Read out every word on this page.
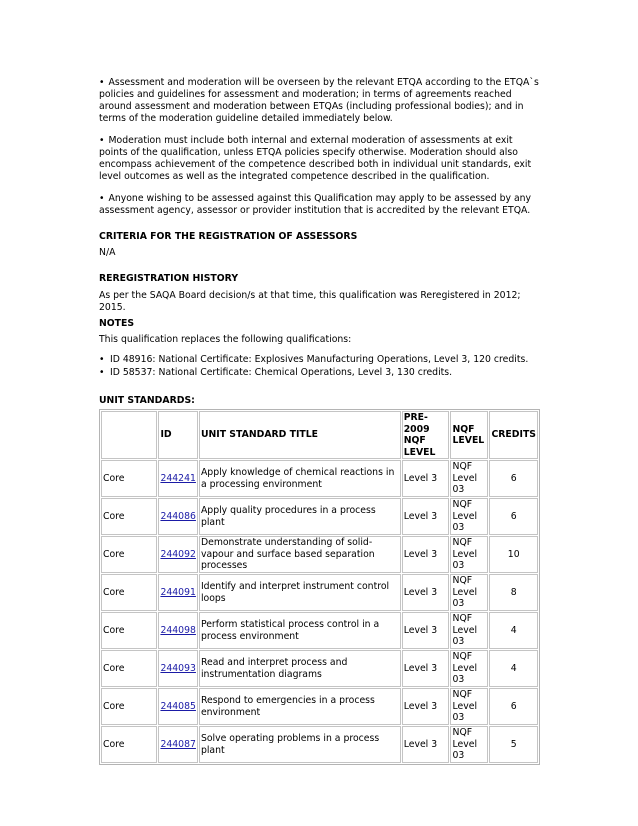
• Assessment and moderation will be overseen by the relevant ETQA according to the ETQA`s policies and guidelines for assessment and moderation; in terms of agreements reached around assessment and moderation between ETQAs (including professional bodies); and in terms of the moderation guideline detailed immediately below.

• Moderation must include both internal and external moderation of assessments at exit points of the qualification, unless ETQA policies specify otherwise. Moderation should also encompass achievement of the competence described both in individual unit standards, exit level outcomes as well as the integrated competence described in the qualification.

• Anyone wishing to be assessed against this Qualification may apply to be assessed by any assessment agency, assessor or provider institution that is accredited by the relevant ETQA.

CRITERIA FOR THE REGISTRATION OF ASSESSORS

N/A

REREGISTRATION HISTORY

As per the SAQA Board decision/s at that time, this qualification was Reregistered in 2012; 2015.

NOTES

This qualification replaces the following qualifications:

• ID 48916: National Certificate: Explosives Manufacturing Operations, Level 3, 120 credits.
• ID 58537: National Certificate: Chemical Operations, Level 3, 130 credits.
UNIT STANDARDS:
	ID	UNIT STANDARD TITLE	PRE-2009 NQF LEVEL	NQF LEVEL	CREDITS
Core	244241	Apply knowledge of chemical reactions in a processing environment	Level 3	NQF Level 03	6
Core	244086	Apply quality procedures in a process plant	Level 3	NQF Level 03	6
Core	244092	Demonstrate understanding of solid-vapour and surface based separation processes	Level 3	NQF Level 03	10
Core	244091	Identify and interpret instrument control loops	Level 3	NQF Level 03	8
Core	244098	Perform statistical process control in a process environment	Level 3	NQF Level 03	4
Core	244093	Read and interpret process and instrumentation diagrams	Level 3	NQF Level 03	4
Core	244085	Respond to emergencies in a process environment	Level 3	NQF Level 03	6
Core	244087	Solve operating problems in a process plant	Level 3	NQF Level 03	5
